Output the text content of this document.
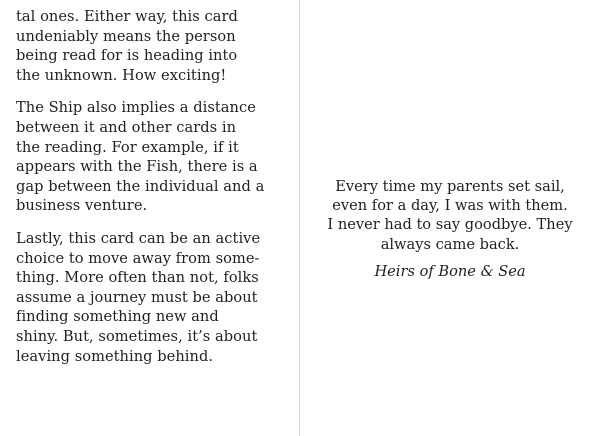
tal ones. Either way, this card
undeniably means the person
being read for is heading into
the unknown. How exciting!

The Ship also implies a distance
between it and other cards in
the reading. For example, if it
appears with the Fish, there is a
gap between the individual and a
business venture.

Lastly, this card can be an active
choice to move away from some-
thing. More often than not, folks
assume a journey must be about
finding something new and
shiny. But, sometimes, it’s about
leaving something behind.

Every time my parents set sail,
even for a day, I was with them.
I never had to say goodbye. They
always came back.

Heirs of Bone & Sea
